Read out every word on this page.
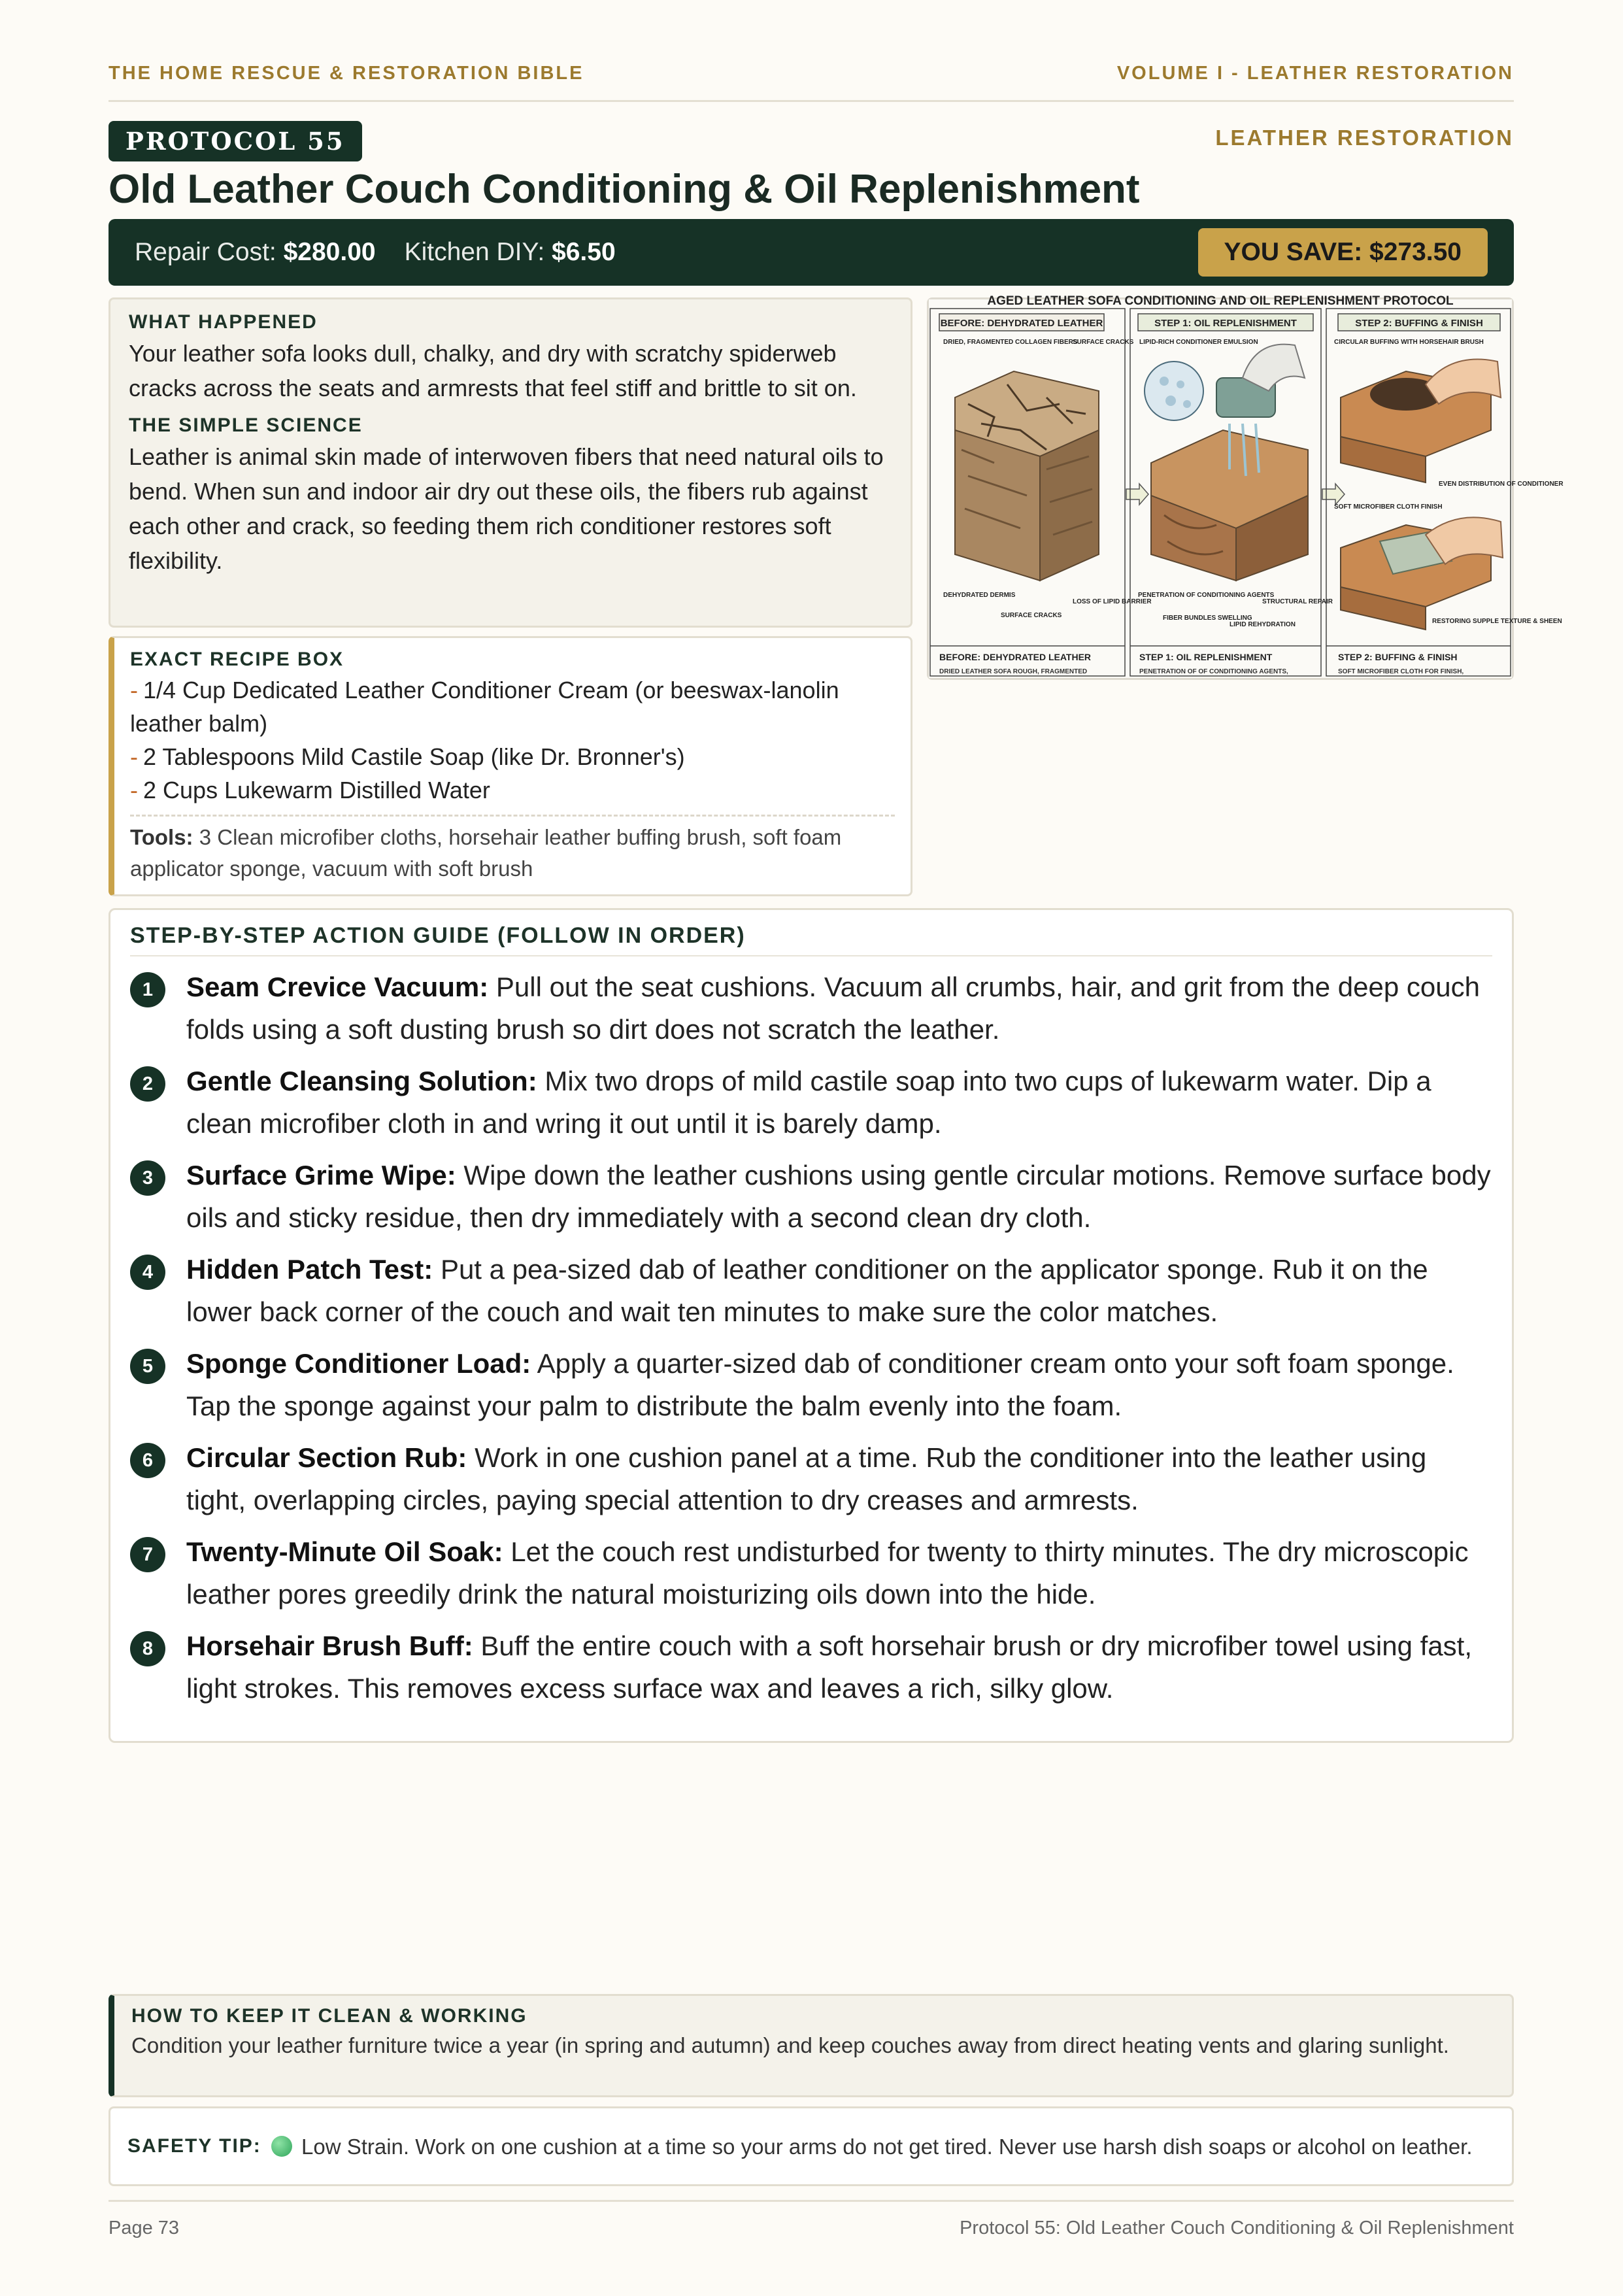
THE HOME RESCUE & RESTORATION BIBLE	VOLUME I - LEATHER RESTORATION
PROTOCOL 55	LEATHER RESTORATION
Old Leather Couch Conditioning & Oil Replenishment
Repair Cost:
$280.00 Kitchen DIY:
$6.50	YOU SAVE: $273.50
WHAT HAPPENED

Your leather sofa looks dull, chalky, and dry with scratchy spiderweb cracks across the seats and armrests that feel stiff and brittle to sit on.

THE SIMPLE SCIENCE

Leather is animal skin made of interwoven fibers that need natural oils to bend. When sun and indoor air dry out these oils, the fibers rub against each other and crack, so feeding them rich conditioner restores soft flexibility.

EXACT RECIPE BOX
- 1/4 Cup Dedicated Leather Conditioner Cream (or beeswax-lanolin leather balm)
- 2 Tablespoons Mild Castile Soap (like Dr. Bronner's)
- 2 Cups Lukewarm Distilled Water
Tools: 3 Clean microfiber cloths, horsehair leather buffing brush, soft foam applicator sponge, vacuum with soft brush
AGED LEATHER SOFA CONDITIONING AND OIL REPLENISHMENT PROTOCOL
BEFORE: DEHYDRATED LEATHER
DRIED, FRAGMENTED COLLAGEN FIBERS
SURFACE CRACKS
DEHYDRATED DERMIS
LOSS OF LIPID BARRIER
SURFACE CRACKS
BEFORE: DEHYDRATED LEATHER
DRIED LEATHER SOFA ROUGH, FRAGMENTED
STEP 1: OIL REPLENISHMENT
LIPID-RICH CONDITIONER EMULSION
PENETRATION OF CONDITIONING AGENTS
FIBER BUNDLES SWELLING
LIPID REHYDRATION
STRUCTURAL REPAIR
STEP 1: OIL REPLENISHMENT
PENETRATION OF OF CONDITIONING AGENTS,
STEP 2: BUFFING & FINISH
CIRCULAR BUFFING WITH HORSEHAIR BRUSH
EVEN DISTRIBUTION OF CONDITIONER
SOFT MICROFIBER CLOTH FINISH
RESTORING SUPPLE TEXTURE & SHEEN
STEP 2: BUFFING & FINISH
SOFT MICROFIBER CLOTH FOR FINISH,
STEP-BY-STEP ACTION GUIDE (FOLLOW IN ORDER)
1	Seam Crevice Vacuum: Pull out the seat cushions. Vacuum all crumbs, hair, and grit from the deep couch folds using a soft dusting brush so dirt does not scratch the leather.

2	Gentle Cleansing Solution: Mix two drops of mild castile soap into two cups of lukewarm water. Dip a clean microfiber cloth in and wring it out until it is barely damp.

3	Surface Grime Wipe: Wipe down the leather cushions using gentle circular motions. Remove surface body oils and sticky residue, then dry immediately with a second clean dry cloth.

4	Hidden Patch Test: Put a pea-sized dab of leather conditioner on the applicator sponge. Rub it on the lower back corner of the couch and wait ten minutes to make sure the color matches.

5	Sponge Conditioner Load: Apply a quarter-sized dab of conditioner cream onto your soft foam sponge. Tap the sponge against your palm to distribute the balm evenly into the foam.

6	Circular Section Rub: Work in one cushion panel at a time. Rub the conditioner into the leather using tight, overlapping circles, paying special attention to dry creases and armrests.

7	Twenty-Minute Oil Soak: Let the couch rest undisturbed for twenty to thirty minutes. The dry microscopic leather pores greedily drink the natural moisturizing oils down into the hide.

8	Horsehair Brush Buff: Buff the entire couch with a soft horsehair brush or dry microfiber towel using fast, light strokes. This removes excess surface wax and leaves a rich, silky glow.

HOW TO KEEP IT CLEAN & WORKING

Condition your leather furniture twice a year (in spring and autumn) and keep couches away from direct heating vents and glaring sunlight.

SAFETY TIP:	Low Strain. Work on one cushion at a time so your arms do not get tired. Never use harsh dish soaps or alcohol on leather.

Page 73	Protocol 55: Old Leather Couch Conditioning & Oil Replenishment
